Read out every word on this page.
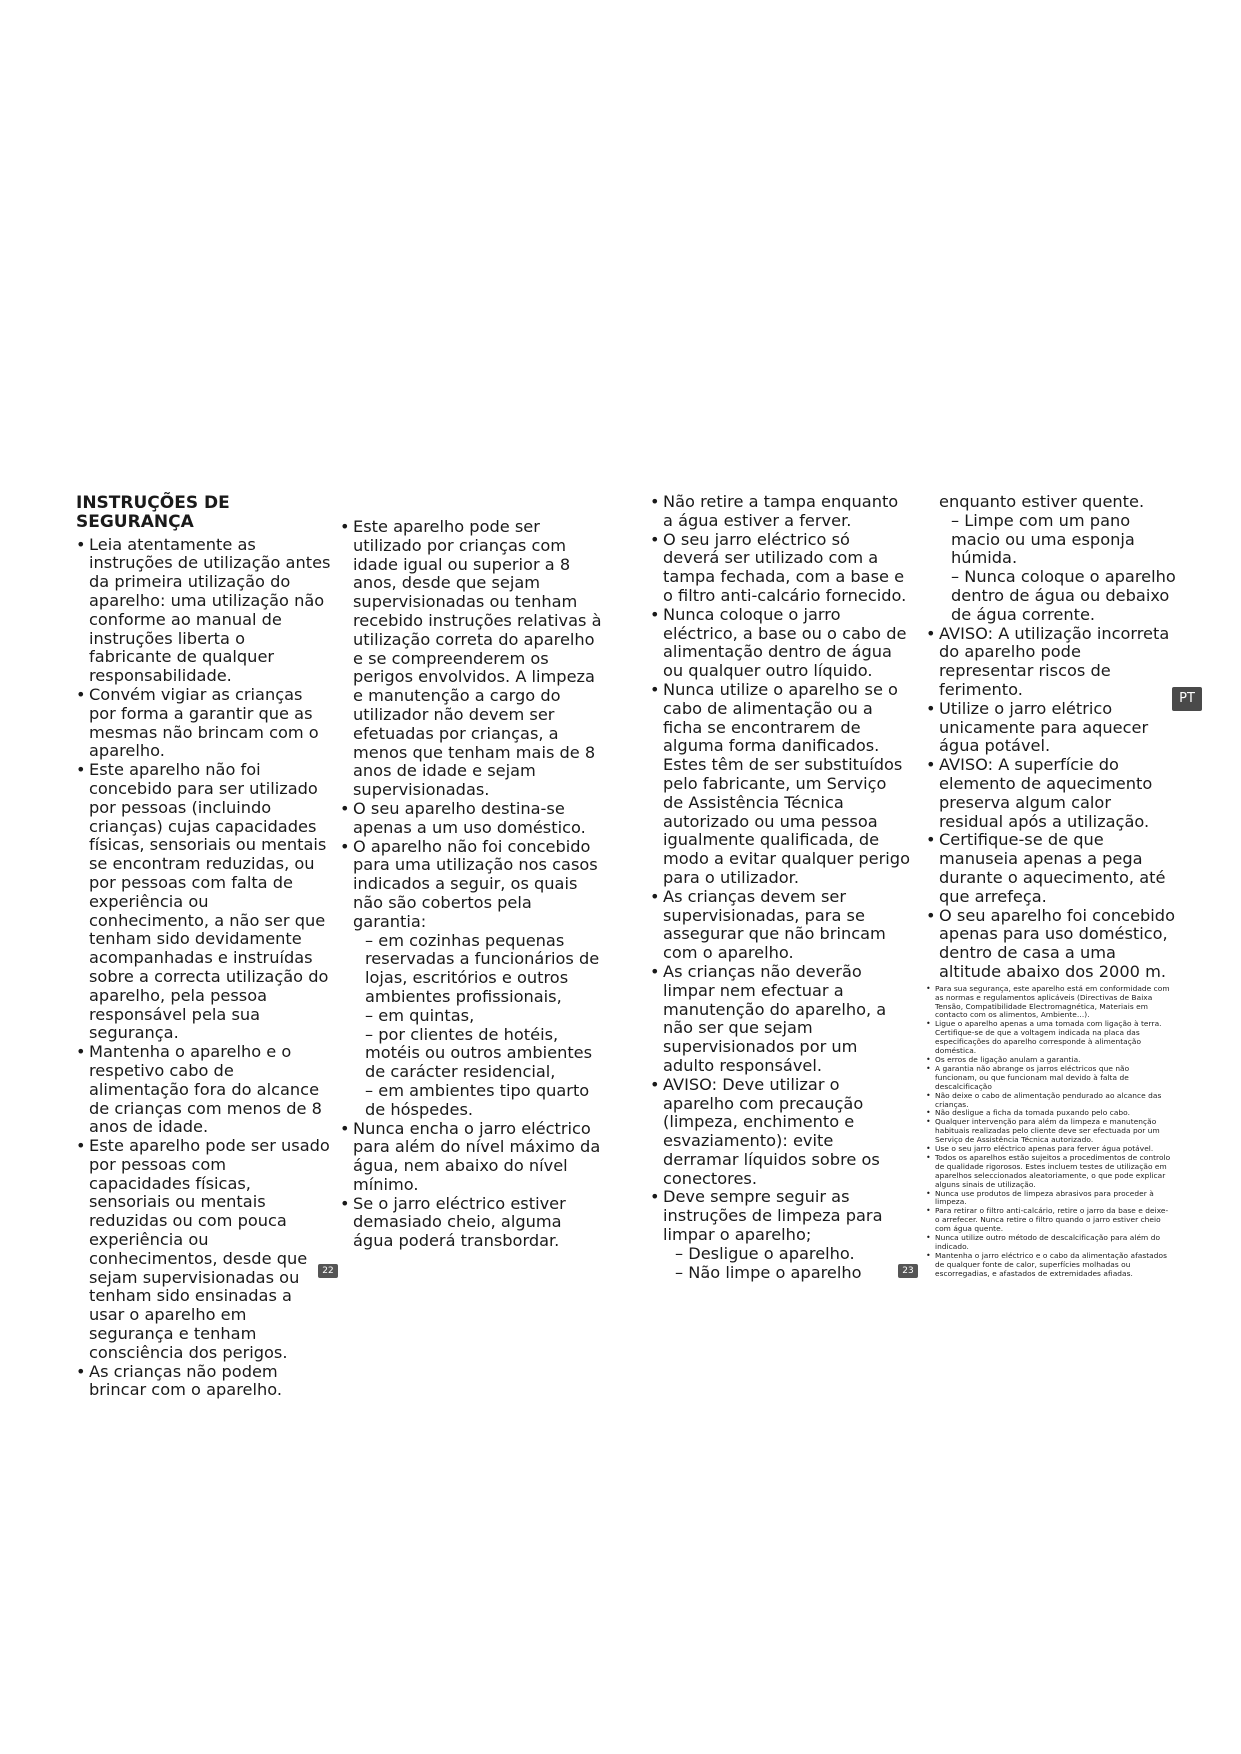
INSTRUÇÕES DE SEGURANÇA
• Leia atentamente as instruções de utilização antes da primeira utilização do aparelho: uma utilização não conforme ao manual de instruções liberta o fabricante de qualquer responsabilidade.
• Convém vigiar as crianças por forma a garantir que as mesmas não brincam com o aparelho.
• Este aparelho não foi concebido para ser utilizado por pessoas (incluindo crianças) cujas capacidades físicas, sensoriais ou mentais se encontram reduzidas, ou por pessoas com falta de experiência ou conhecimento, a não ser que tenham sido devidamente acompanhadas e instruídas sobre a correcta utilização do aparelho, pela pessoa responsável pela sua segurança.
• Mantenha o aparelho e o respetivo cabo de alimentação fora do alcance de crianças com menos de 8 anos de idade.
• Este aparelho pode ser usado por pessoas com capacidades físicas, sensoriais ou mentais reduzidas ou com pouca experiência ou conhecimentos, desde que sejam supervisionadas ou tenham sido ensinadas a usar o aparelho em segurança e tenham consciência dos perigos.
• As crianças não podem brincar com o aparelho.
• Este aparelho pode ser utilizado por crianças com idade igual ou superior a 8 anos, desde que sejam supervisionadas ou tenham recebido instruções relativas à utilização correta do aparelho e se compreenderem os perigos envolvidos. A limpeza e manutenção a cargo do utilizador não devem ser efetuadas por crianças, a menos que tenham mais de 8 anos de idade e sejam supervisionadas.
• O seu aparelho destina-se apenas a um uso doméstico.
• O aparelho não foi concebido para uma utilização nos casos indicados a seguir, os quais não são cobertos pela garantia:
– em cozinhas pequenas reservadas a funcionários de lojas, escritórios e outros ambientes profissionais,
– em quintas,
– por clientes de hotéis, motéis ou outros ambientes de carácter residencial,
– em ambientes tipo quarto de hóspedes.
• Nunca encha o jarro eléctrico para além do nível máximo da água, nem abaixo do nível mínimo.
• Se o jarro eléctrico estiver demasiado cheio, alguma água poderá transbordar.
22
• Não retire a tampa enquanto a água estiver a ferver.
• O seu jarro eléctrico só deverá ser utilizado com a tampa fechada, com a base e o filtro anti-calcário fornecido.
• Nunca coloque o jarro eléctrico, a base ou o cabo de alimentação dentro de água ou qualquer outro líquido.
• Nunca utilize o aparelho se o cabo de alimentação ou a ficha se encontrarem de alguma forma danificados. Estes têm de ser substituídos pelo fabricante, um Serviço de Assistência Técnica autorizado ou uma pessoa igualmente qualificada, de modo a evitar qualquer perigo para o utilizador.
• As crianças devem ser supervisionadas, para se assegurar que não brincam com o aparelho.
• As crianças não deverão limpar nem efectuar a manutenção do aparelho, a não ser que sejam supervisionados por um adulto responsável.
• AVISO: Deve utilizar o aparelho com precaução (limpeza, enchimento e esvaziamento): evite derramar líquidos sobre os conectores.
• Deve sempre seguir as instruções de limpeza para limpar o aparelho;
– Desligue o aparelho.
– Não limpe o aparelho
enquanto estiver quente.
– Limpe com um pano macio ou uma esponja húmida.
– Nunca coloque o aparelho dentro de água ou debaixo de água corrente.
• AVISO: A utilização incorreta do aparelho pode representar riscos de ferimento.
• Utilize o jarro elétrico unicamente para aquecer água potável.
• AVISO: A superfície do elemento de aquecimento preserva algum calor residual após a utilização.
• Certifique-se de que manuseia apenas a pega durante o aquecimento, até que arrefeça.
• O seu aparelho foi concebido apenas para uso doméstico, dentro de casa a uma altitude abaixo dos 2000 m.
• Para sua segurança, este aparelho está em conformidade com as normas e regulamentos aplicáveis (Directivas de Baixa Tensão, Compatibilidade Electromagnética, Materiais em contacto com os alimentos, Ambiente…).
• Ligue o aparelho apenas a uma tomada com ligação à terra. Certifique-se de que a voltagem indicada na placa das especificações do aparelho corresponde à alimentação doméstica.
• Os erros de ligação anulam a garantia.
• A garantia não abrange os jarros eléctricos que não funcionam, ou que funcionam mal devido à falta de descalcificação
• Não deixe o cabo de alimentação pendurado ao alcance das crianças.
• Não desligue a ficha da tomada puxando pelo cabo.
• Qualquer intervenção para além da limpeza e manutenção habituais realizadas pelo cliente deve ser efectuada por um Serviço de Assistência Técnica autorizado.
• Use o seu jarro eléctrico apenas para ferver água potável.
• Todos os aparelhos estão sujeitos a procedimentos de controlo de qualidade rigorosos. Estes incluem testes de utilização em aparelhos seleccionados aleatoriamente, o que pode explicar alguns sinais de utilização.
• Nunca use produtos de limpeza abrasivos para proceder à limpeza.
• Para retirar o filtro anti-calcário, retire o jarro da base e deixe-o arrefecer. Nunca retire o filtro quando o jarro estiver cheio com água quente.
• Nunca utilize outro método de descalcificação para além do indicado.
• Mantenha o jarro eléctrico e o cabo da alimentação afastados de qualquer fonte de calor, superfícies molhadas ou escorregadias, e afastados de extremidades afiadas.
23
PT
